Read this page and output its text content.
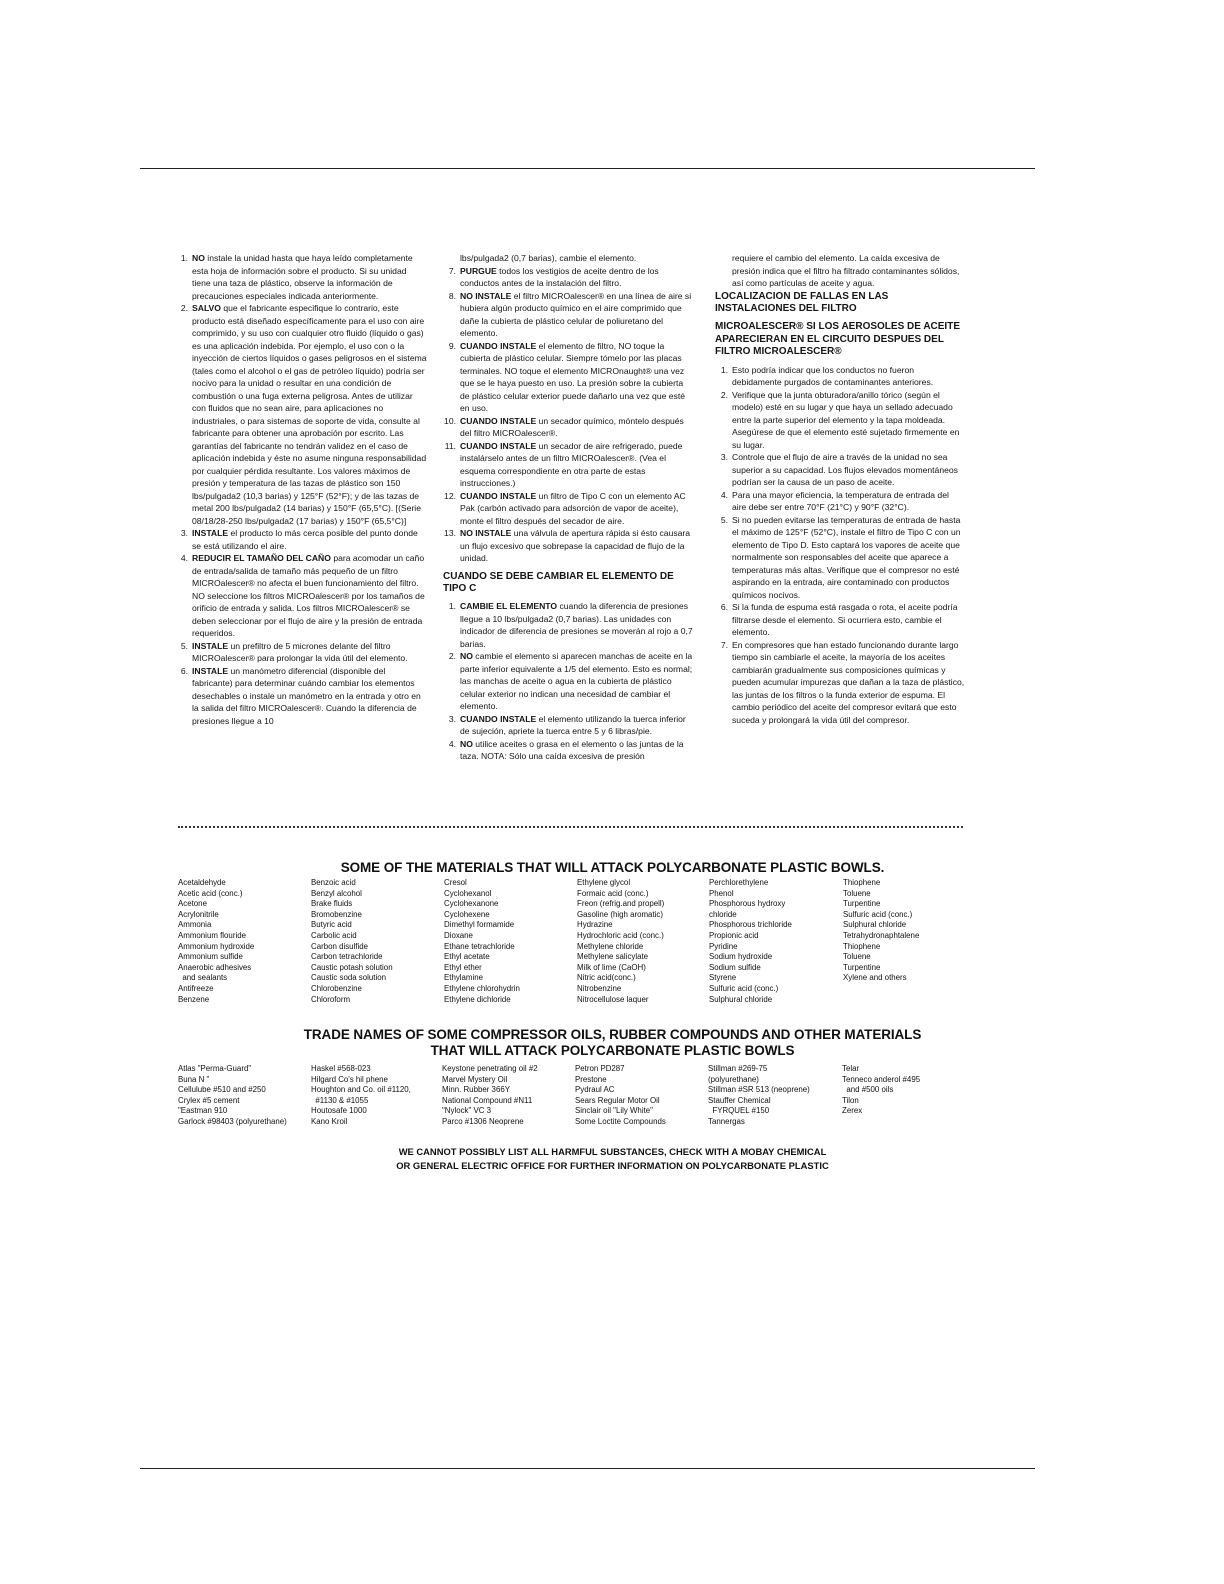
1. NO instale la unidad hasta que haya leído completamente esta hoja de información sobre el producto. Si su unidad tiene una taza de plástico, observe la información de precauciones especiales indicada anteriormente.
2. SALVO que el fabricante especifique lo contrario, este producto está diseñado específicamente para el uso con aire comprimido, y su uso con cualquier otro fluido (líquido o gas) es una aplicación indebida. Por ejemplo, el uso con o la inyección de ciertos líquidos o gases peligrosos en el sistema (tales como el alcohol o el gas de petróleo líquido) podría ser nocivo para la unidad o resultar en una condición de combustión o una fuga externa peligrosa. Antes de utilizar con fluidos que no sean aire, para aplicaciones no industriales, o para sistemas de soporte de vida, consulte al fabricante para obtener una aprobación por escrito. Las garantías del fabricante no tendrán validez en el caso de aplicación indebida y éste no asume ninguna responsabilidad por cualquier pérdida resultante. Los valores máximos de presión y temperatura de las tazas de plástico son 150 lbs/pulgada2 (10,3 barias) y 125°F (52°F); y de las tazas de metal 200 lbs/pulgada2 (14 barias) y 150°F (65,5°C). [(Serie 08/18/28-250 lbs/pulgada2 (17 barias) y 150°F (65,5°C)]
3. INSTALE el producto lo más cerca posible del punto donde se está utilizando el aire.
4. REDUCIR EL TAMAÑO DEL CAÑO para acomodar un caño de entrada/salida de tamaño más pequeño de un filtro MICROalescer® no afecta el buen funcionamiento del filtro. NO seleccione los filtros MICROalescer® por los tamaños de orificio de entrada y salida. Los filtros MICROalescer® se deben seleccionar por el flujo de aire y la presión de entrada requeridos.
5. INSTALE un prefiltro de 5 micrones delante del filtro MICROalescer® para prolongar la vida útil del elemento.
6. INSTALE un manómetro diferencial (disponible del fabricante) para determinar cuándo cambiar los elementos desechables o instale un manómetro en la entrada y otro en la salida del filtro MICROalescer®. Cuando la diferencia de presiones llegue a 10
lbs/pulgada2 (0,7 barias), cambie el elemento.
7. PURGUE todos los vestigios de aceite dentro de los conductos antes de la instalación del filtro.
8. NO INSTALE el filtro MICROalescer® en una línea de aire si hubiera algún producto químico en el aire comprimido que dañe la cubierta de plástico celular de poliuretano del elemento.
9. CUANDO INSTALE el elemento de filtro, NO toque la cubierta de plástico celular. Siempre tómelo por las placas terminales. NO toque el elemento MICROnaught® una vez que se le haya puesto en uso. La presión sobre la cubierta de plástico celular exterior puede dañarlo una vez que esté en uso.
10. CUANDO INSTALE un secador químico, móntelo después del filtro MICROalescer®.
11. CUANDO INSTALE un secador de aire refrigerado, puede instalárselo antes de un filtro MICROalescer®. (Vea el esquema correspondiente en otra parte de estas instrucciones.)
12. CUANDO INSTALE un filtro de Tipo C con un elemento AC Pak (carbón activado para adsorción de vapor de aceite), monte el filtro después del secador de aire.
13. NO INSTALE una válvula de apertura rápida si ésto causara un flujo excesivo que sobrepase la capacidad de flujo de la unidad.
CUANDO SE DEBE CAMBIAR EL ELEMENTO DE TIPO C
1. CAMBIE EL ELEMENTO cuando la diferencia de presiones llegue a 10 lbs/pulgada2 (0,7 barias). Las unidades con indicador de diferencia de presiones se moverán al rojo a 0,7 barias.
2. NO cambie el elemento si aparecen manchas de aceite en la parte inferior equivalente a 1/5 del elemento. Esto es normal; las manchas de aceite o agua en la cubierta de plástico celular exterior no indican una necesidad de cambiar el elemento.
3. CUANDO INSTALE el elemento utilizando la tuerca inferior de sujeción, apriete la tuerca entre 5 y 6 libras/pie.
4. NO utilice aceites o grasa en el elemento o las juntas de la taza. NOTA: Sólo una caída excesiva de presión
requiere el cambio del elemento. La caída excesiva de presión indica que el filtro ha filtrado contaminantes sólidos, así como partículas de aceite y agua.
LOCALIZACION DE FALLAS EN LAS INSTALACIONES DEL FILTRO
MICROALESCER® SI LOS AEROSOLES DE ACEITE APARECIERAN EN EL CIRCUITO DESPUES DEL FILTRO MICROALESCER®
1. Esto podría indicar que los conductos no fueron debidamente purgados de contaminantes anteriores.
2. Verifique que la junta obturadora/anillo tórico (según el modelo) esté en su lugar y que haya un sellado adecuado entre la parte superior del elemento y la tapa moldeada. Asegúrese de que el elemento esté sujetado firmemente en su lugar.
3. Controle que el flujo de aire a través de la unidad no sea superior a su capacidad. Los flujos elevados momentáneos podrían ser la causa de un paso de aceite.
4. Para una mayor eficiencia, la temperatura de entrada del aire debe ser entre 70°F (21°C) y 90°F (32°C).
5. Si no pueden evitarse las temperaturas de entrada de hasta el máximo de 125°F (52°C), instale el filtro de Tipo C con un elemento de Tipo D. Esto captará los vapores de aceite que normalmente son responsables del aceite que aparece a temperaturas más altas. Verifique que el compresor no esté aspirando en la entrada, aire contaminado con productos químicos nocivos.
6. Si la funda de espuma está rasgada o rota, el aceite podría filtrarse desde el elemento. Si ocurriera esto, cambie el elemento.
7. En compresores que han estado funcionando durante largo tiempo sin cambiarle el aceite, la mayoría de los aceites cambiarán gradualmente sus composiciones químicas y pueden acumular impurezas que dañan a la taza de plástico, las juntas de los filtros o la funda exterior de espuma. El cambio periódico del aceite del compresor evitará que esto suceda y prolongará la vida útil del compresor.
SOME OF THE MATERIALS THAT WILL ATTACK POLYCARBONATE PLASTIC BOWLS.
Acetaldehyde
Acetic acid (conc.)
Acetone
Acrylonitrile
Ammonia
Ammonium flouride
Ammonium hydroxide
Ammonium sulfide
Anaerobic adhesives
and sealants
Antifreeze
Benzene
Benzoic acid
Benzyl alcohol
Brake fluids
Bromobenzine
Butyric acid
Carbolic acid
Carbon disulfide
Carbon tetrachloride
Caustic potash solution
Caustic soda solution
Chlorobenzine
Chloroform
Cresol
Cyclohexanol
Cyclohexanone
Cyclohexene
Dimethyl formamide
Dioxane
Ethane tetrachloride
Ethyl acetate
Ethyl ether
Ethylamine
Ethylene chlorohydrin
Ethylene dichloride
Ethylene glycol
Formaic acid (conc.)
Freon (refrig.and propell)
Gasoline (high aromatic)
Hydrazine
Hydrochloric acid (conc.)
Methylene chloride
Methylene salicylate
Milk of lime (CaOH)
Nitric acid(conc.)
Nitrobenzine
Nitrocellulose laquer
Perchlorethylene
Phenol
Phosphorous hydroxy
chloride
Phosphorous trichloride
Propionic acid
Pyridine
Sodium hydroxide
Sodium sulfide
Styrene
Sulfuric acid (conc.)
Sulphural chloride
Thiophene
Toluene
Turpentine
Sulfuric acid (conc.)
Sulphural chloride
Tetrahydronaphtalene
Thiophene
Toluene
Turpentine
Xylene and others
TRADE NAMES OF SOME COMPRESSOR OILS, RUBBER COMPOUNDS AND OTHER MATERIALS
THAT WILL ATTACK POLYCARBONATE PLASTIC BOWLS
Atlas "Perma-Guard"
Buna N "
Cellulube #510 and #250
Crylex #5 cement
"Eastman 910
Garlock #98403 (polyurethane)
Haskel #568-023
Hilgard Co's hil phene
Houghton and Co. oil #1120,
#1130 & #1055
Houtosafe 1000
Kano Kroil
Keystone penetrating oil #2
Marvel Mystery Oil
Minn. Rubber 366Y
National Compound #N11
"Nylock" VC 3
Parco #1306 Neoprene
Petron PD287
Prestone
Pydraul AC
Sears Regular Motor Oil
Sinclair oil "Lily White"
Some Loctite Compounds
Stillman #269-75
(polyurethane)
Stillman #SR 513 (neoprene)
Stauffer Chemical
FYRQUEL #150
Tannergas
Telar
Tenneco anderol #495
and #500 oils
Tilon
Zerex
WE CANNOT POSSIBLY LIST ALL HARMFUL SUBSTANCES, CHECK WITH A MOBAY CHEMICAL
OR GENERAL ELECTRIC OFFICE FOR FURTHER INFORMATION ON POLYCARBONATE PLASTIC
